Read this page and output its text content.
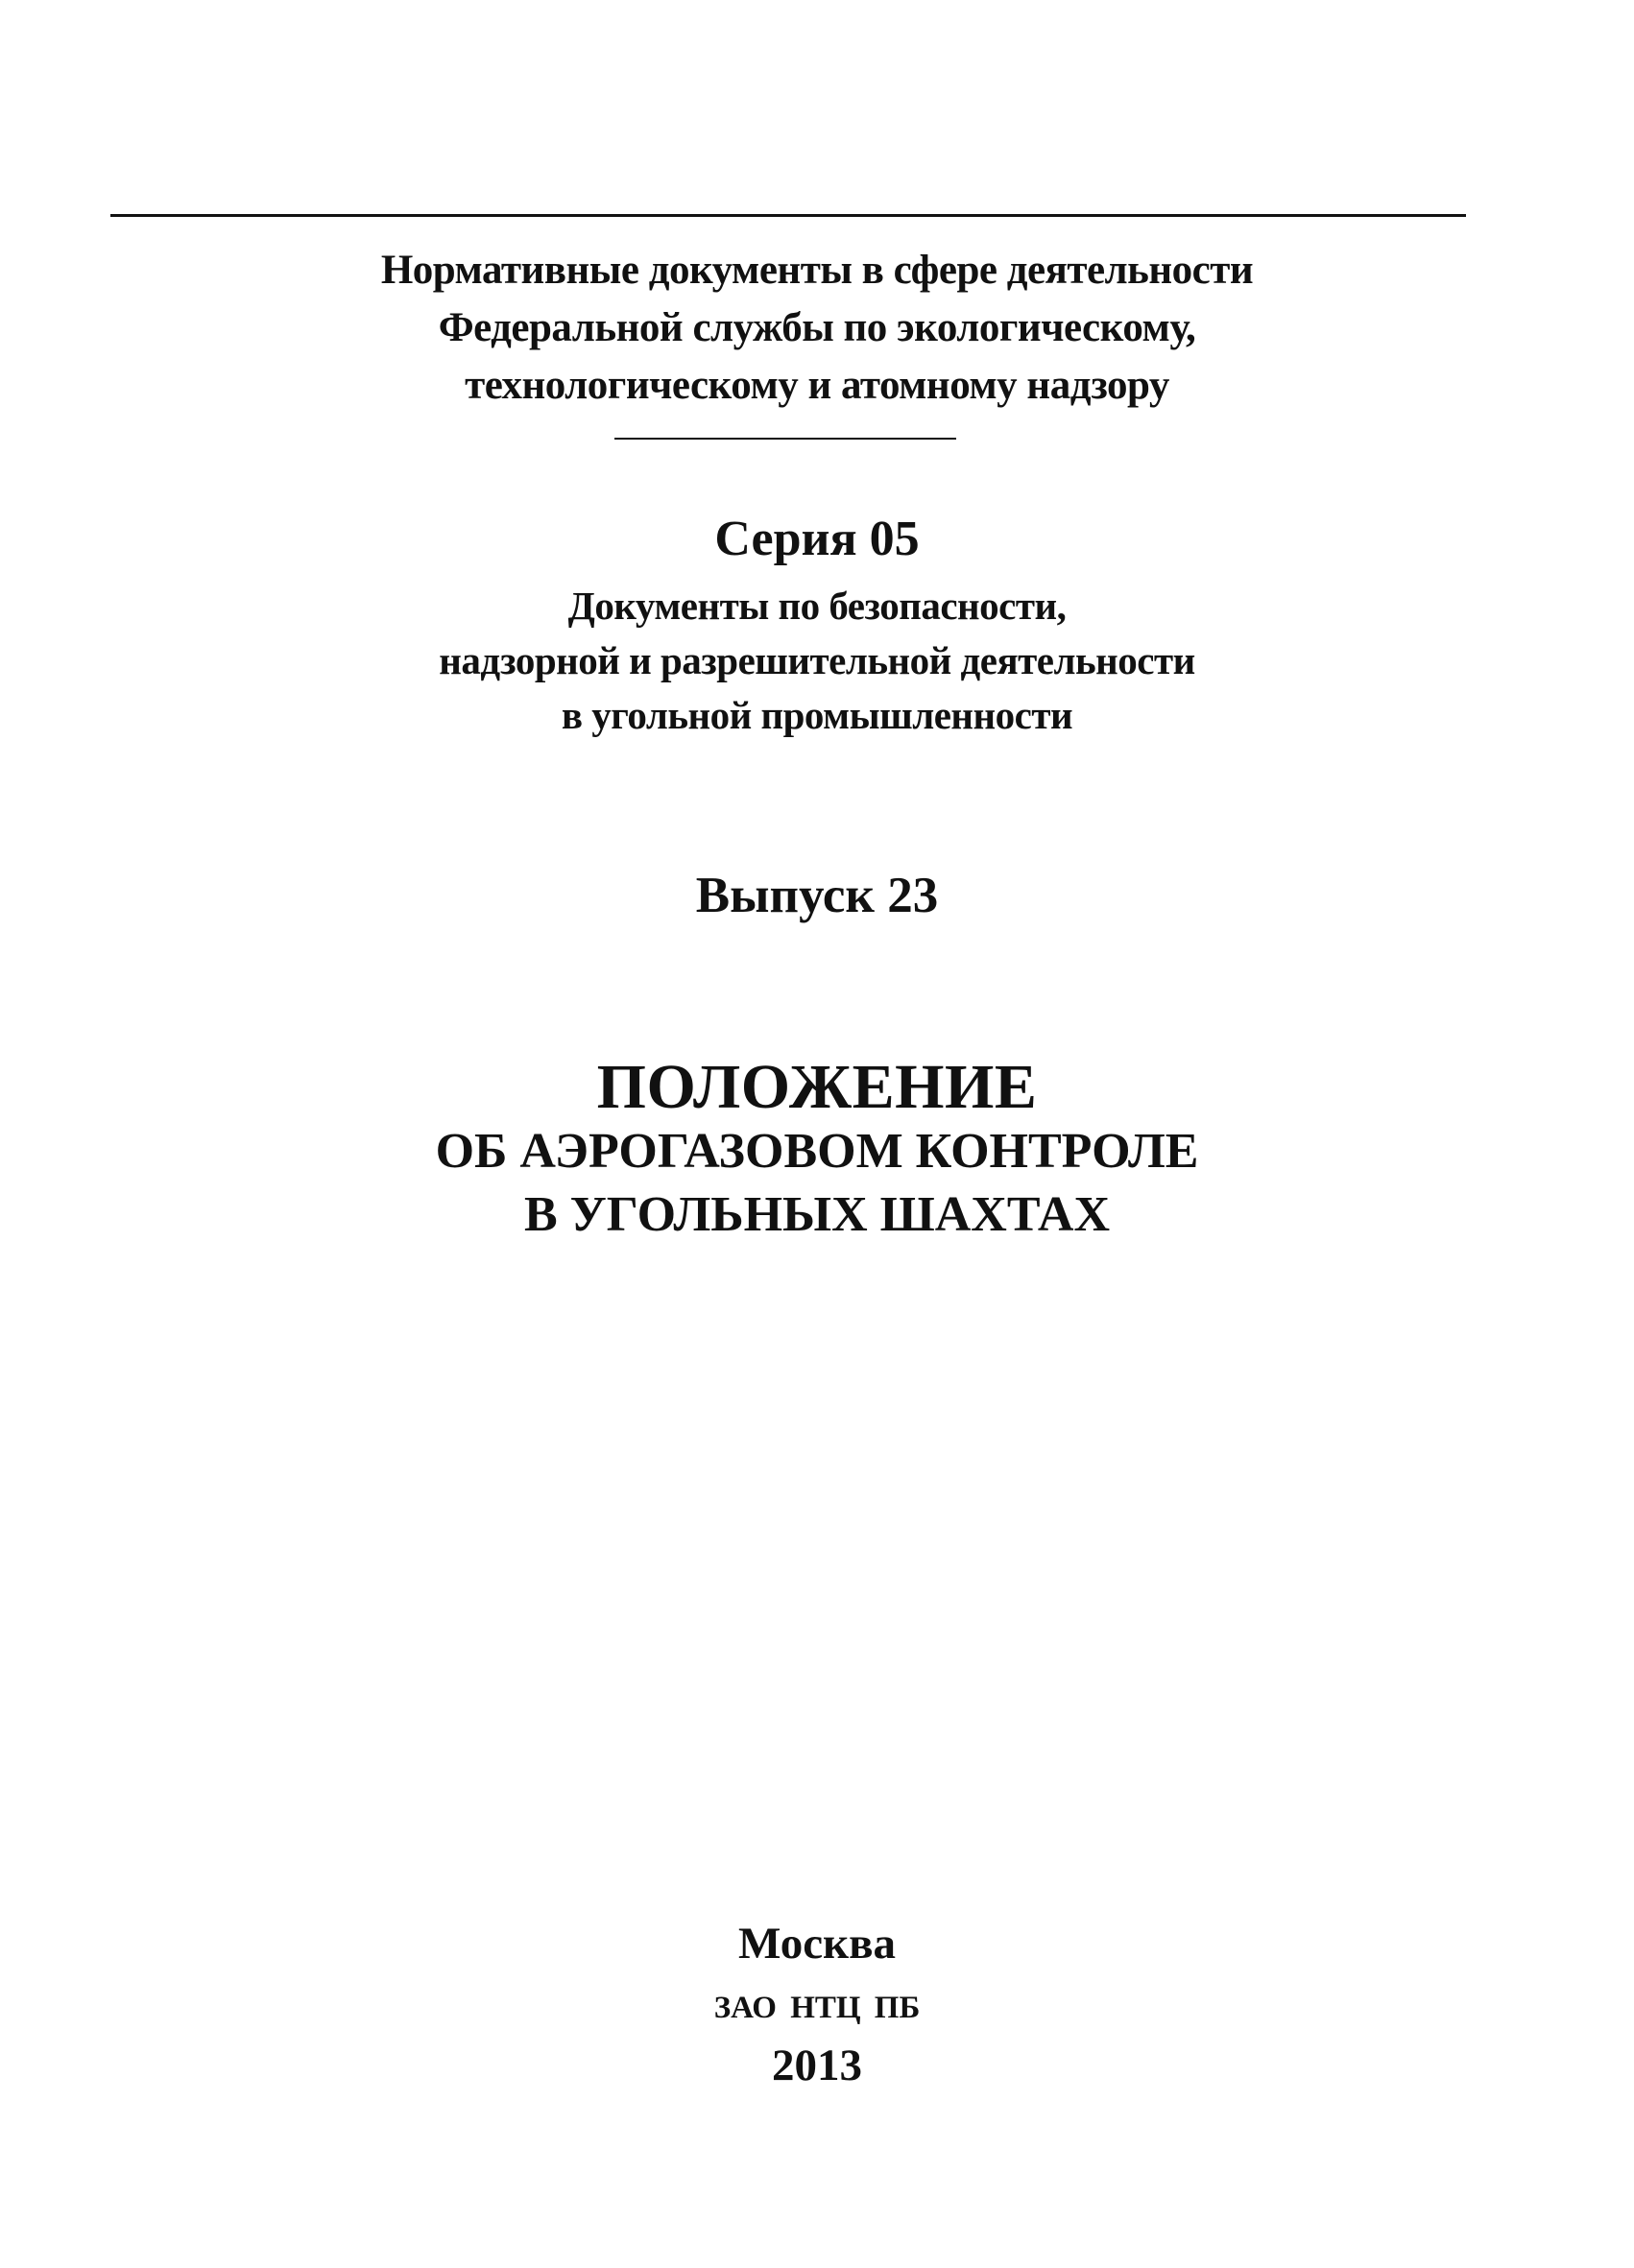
Нормативные документы в сфере деятельности
Федеральной службы по экологическому,
технологическому и атомному надзору
Серия 05
Документы по безопасности,
надзорной и разрешительной деятельности
в угольной промышленности
Выпуск 23
ПОЛОЖЕНИЕ
ОБ АЭРОГАЗОВОМ КОНТРОЛЕ
В УГОЛЬНЫХ ШАХТАХ
Москва
ЗАО НТЦ ПБ
2013
